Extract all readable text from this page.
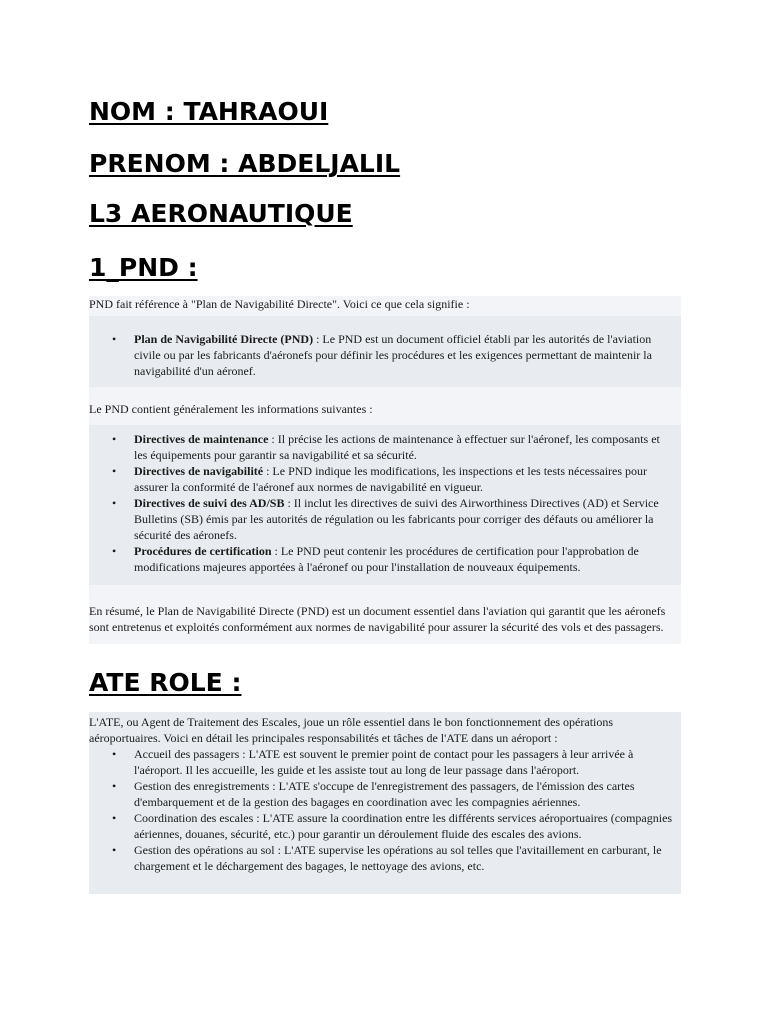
NOM : TAHRAOUI
PRENOM : ABDELJALIL
L3 AERONAUTIQUE
1_PND :

PND fait référence à "Plan de Navigabilité Directe". Voici ce que cela signifie :

• Plan de Navigabilité Directe (PND) : Le PND est un document officiel établi par les autorités de l'aviation civile ou par les fabricants d'aéronefs pour définir les procédures et les exigences permettant de maintenir la navigabilité d'un aéronef.

Le PND contient généralement les informations suivantes :

• Directives de maintenance : Il précise les actions de maintenance à effectuer sur l'aéronef, les composants et les équipements pour garantir sa navigabilité et sa sécurité.
• Directives de navigabilité : Le PND indique les modifications, les inspections et les tests nécessaires pour assurer la conformité de l'aéronef aux normes de navigabilité en vigueur.
• Directives de suivi des AD/SB : Il inclut les directives de suivi des Airworthiness Directives (AD) et Service Bulletins (SB) émis par les autorités de régulation ou les fabricants pour corriger des défauts ou améliorer la sécurité des aéronefs.
• Procédures de certification : Le PND peut contenir les procédures de certification pour l'approbation de modifications majeures apportées à l'aéronef ou pour l'installation de nouveaux équipements.

En résumé, le Plan de Navigabilité Directe (PND) est un document essentiel dans l'aviation qui garantit que les aéronefs sont entretenus et exploités conformément aux normes de navigabilité pour assurer la sécurité des vols et des passagers.

ATE ROLE :

L'ATE, ou Agent de Traitement des Escales, joue un rôle essentiel dans le bon fonctionnement des opérations aéroportuaires. Voici en détail les principales responsabilités et tâches de l'ATE dans un aéroport :

• Accueil des passagers : L'ATE est souvent le premier point de contact pour les passagers à leur arrivée à l'aéroport. Il les accueille, les guide et les assiste tout au long de leur passage dans l'aéroport.
• Gestion des enregistrements : L'ATE s'occupe de l'enregistrement des passagers, de l'émission des cartes d'embarquement et de la gestion des bagages en coordination avec les compagnies aériennes.
• Coordination des escales : L'ATE assure la coordination entre les différents services aéroportuaires (compagnies aériennes, douanes, sécurité, etc.) pour garantir un déroulement fluide des escales des avions.
• Gestion des opérations au sol : L'ATE supervise les opérations au sol telles que l'avitaillement en carburant, le chargement et le déchargement des bagages, le nettoyage des avions, etc.
